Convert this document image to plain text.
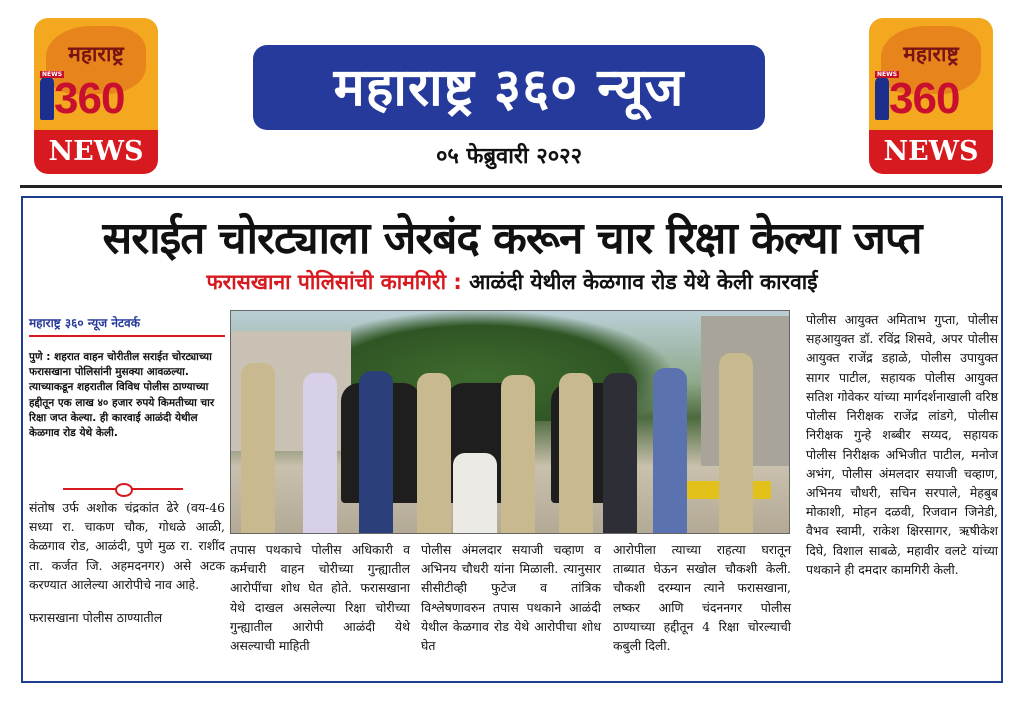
महाराष्ट्र
NEWS
360
NEWS
महाराष्ट्र ३६० न्यूज
०५ फेब्रुवारी २०२२
महाराष्ट्र
NEWS
360
NEWS
सराईत चोरट्याला जेरबंद करून चार रिक्षा केल्या जप्त
फरासखाना पोलिसांची कामगिरी : आळंदी येथील केळगाव रोड येथे केली कारवाई
महाराष्ट्र ३६० न्यूज नेटवर्क
पुणे : शहरात वाहन चोरीतील सराईत चोरट्याच्या फरासखाना पोलिसांनी मुसक्या आवळल्या. त्याच्याकडून शहरातील विविध पोलीस ठाण्याच्या हद्दीतून एक लाख ४० हजार रुपये किमतीच्या चार रिक्षा जप्त केल्या. ही कारवाई आळंदी येथील केळगाव रोड येथे केली.

संतोष उर्फ अशोक चंद्रकांत ढेरे (वय-46 सध्या रा. चाकण चौक, गोधळे आळी, केळगाव रोड, आळंदी, पुणे मुळ रा. राशींद ता. कर्जत जि. अहमदनगर) असे अटक करण्यात आलेल्या आरोपीचे नाव आहे.

फरासखाना पोलीस ठाण्यातील

तपास पथकाचे पोलीस अधिकारी व कर्मचारी वाहन चोरीच्या गुन्ह्यातील आरोपींचा शोध घेत होते. फरासखाना येथे दाखल असलेल्या रिक्षा चोरीच्या गुन्ह्यातील आरोपी आळंदी येथे असल्याची माहिती
पोलीस अंमलदार सयाजी चव्हाण व अभिनय चौधरी यांना मिळाली. त्यानुसार सीसीटीव्ही फुटेज व तांत्रिक विश्लेषणावरुन तपास पथकाने आळंदी येथील केळगाव रोड येथे आरोपीचा शोध घेत
आरोपीला त्याच्या राहत्या घरातून ताब्यात घेऊन सखोल चौकशी केली. चौकशी दरम्यान त्याने फरासखाना, लष्कर आणि चंदननगर पोलीस ठाण्याच्या हद्दीतून 4 रिक्षा चोरल्याची कबुली दिली.
पोलीस आयुक्त अमिताभ गुप्ता, पोलीस सहआयुक्त डॉ. रविंद्र शिसवे, अपर पोलीस आयुक्त राजेंद्र डहाळे, पोलीस उपायुक्त सागर पाटील, सहायक पोलीस आयुक्त सतिश गोवेकर यांच्या मार्गदर्शनाखाली वरिष्ठ पोलीस निरीक्षक राजेंद्र लांडगे, पोलीस निरीक्षक गुन्हे शब्बीर सय्यद, सहायक पोलीस निरीक्षक अभिजीत पाटील, मनोज अभंग, पोलीस अंमलदार सयाजी चव्हाण, अभिनय चौधरी, सचिन सरपाले, मेहबुब मोकाशी, मोहन दळवी, रिजवान जिनेडी, वैभव स्वामी, राकेश क्षिरसागर, ऋषीकेश दिघे, विशाल साबळे, महावीर वलटे यांच्या पथकाने ही दमदार कामगिरी केली.
